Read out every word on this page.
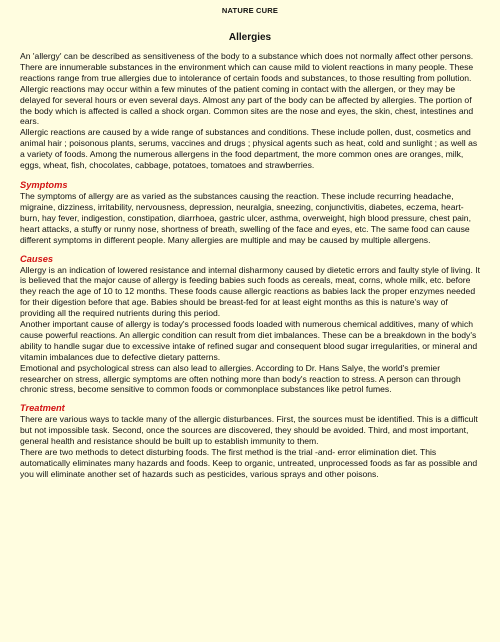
NATURE CURE
Allergies

An 'allergy' can be described as sensitiveness of the body to a substance which does not normally affect other persons. There are innumerable substances in the environment which can cause mild to violent reactions in many people. These reactions range from true allergies due to intolerance of certain foods and substances, to those resulting from pollution.

Allergic reactions may occur within a few minutes of the patient coming in contact with the allergen, or they may be delayed for several hours or even several days. Almost any part of the body can be affected by allergies. The portion of the body which is affected is called a shock organ. Common sites are the nose and eyes, the skin, chest, intestines and ears.

Allergic reactions are caused by a wide range of substances and conditions. These include pollen, dust, cosmetics and animal hair ; poisonous plants, serums, vaccines and drugs ; physical agents such as heat, cold and sunlight ; as well as a variety of foods. Among the numerous allergens in the food department, the more common ones are oranges, milk, eggs, wheat, fish, chocolates, cabbage, potatoes, tomatoes and strawberries.

Symptoms

The symptoms of allergy are as varied as the substances causing the reaction. These include recurring headache, migraine, dizziness, irritability, nervousness, depression, neuralgia, sneezing, conjunctivitis, diabetes, eczema, heart-burn, hay fever, indigestion, constipation, diarrhoea, gastric ulcer, asthma, overweight, high blood pressure, chest pain, heart attacks, a stuffy or runny nose, shortness of breath, swelling of the face and eyes, etc. The same food can cause different symptoms in different people. Many allergies are multiple and may be caused by multiple allergens.

Causes

Allergy is an indication of lowered resistance and internal disharmony caused by dietetic errors and faulty style of living. It is believed that the major cause of allergy is feeding babies such foods as cereals, meat, corns, whole milk, etc. before they reach the age of 10 to 12 months. These foods cause allergic reactions as babies lack the proper enzymes needed for their digestion before that age. Babies should be breast-fed for at least eight months as this is nature's way of providing all the required nutrients during this period.

Another important cause of allergy is today's processed foods loaded with numerous chemical additives, many of which cause powerful reactions. An allergic condition can result from diet imbalances. These can be a breakdown in the body's ability to handle sugar due to excessive intake of refined sugar and consequent blood sugar irregularities, or mineral and vitamin imbalances due to defective dietary patterns.

Emotional and psychological stress can also lead to allergies. According to Dr. Hans Salye, the world's premier researcher on stress, allergic symptoms are often nothing more than body's reaction to stress. A person can through chronic stress, become sensitive to common foods or commonplace substances like petrol fumes.

Treatment

There are various ways to tackle many of the allergic disturbances. First, the sources must be identified. This is a difficult but not impossible task. Second, once the sources are discovered, they should be avoided. Third, and most important, general health and resistance should be built up to establish immunity to them.

There are two methods to detect disturbing foods. The first method is the trial -and- error elimination diet. This automatically eliminates many hazards and foods. Keep to organic, untreated, unprocessed foods as far as possible and you will eliminate another set of hazards such as pesticides, various sprays and other poisons.
